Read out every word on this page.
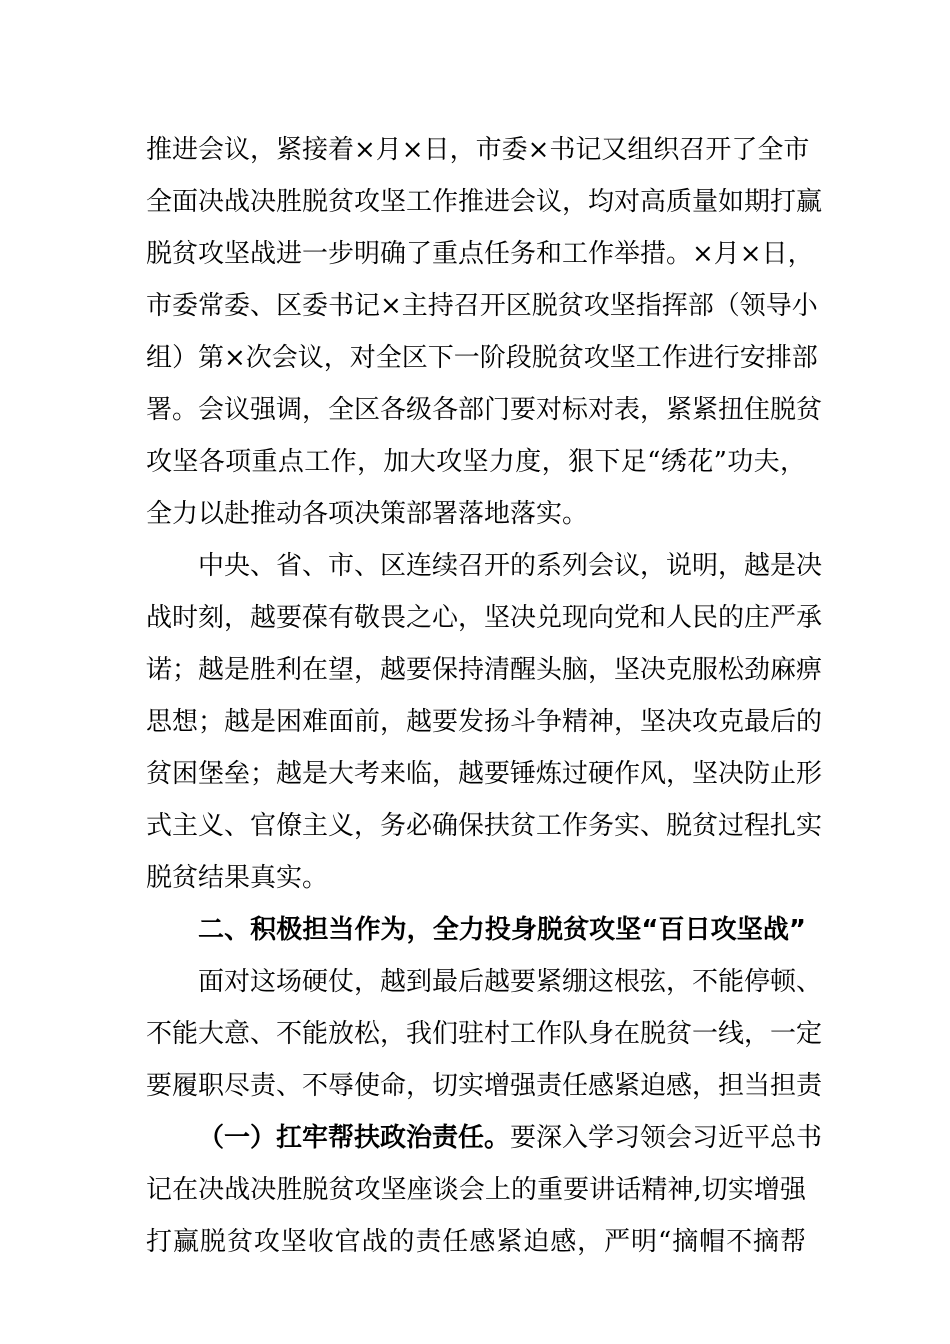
推进会议，紧接着×月×日，市委×书记又组织召开了全市
全面决战决胜脱贫攻坚工作推进会议，均对高质量如期打赢
脱贫攻坚战进一步明确了重点任务和工作举措。×月×日，
市委常委、区委书记×主持召开区脱贫攻坚指挥部（领导小
组）第×次会议，对全区下一阶段脱贫攻坚工作进行安排部
署。会议强调，全区各级各部门要对标对表，紧紧扭住脱贫
攻坚各项重点工作，加大攻坚力度，狠下足“绣花”功夫，
全力以赴推动各项决策部署落地落实。
中央、省、市、区连续召开的系列会议，说明，越是决
战时刻，越要葆有敬畏之心，坚决兑现向党和人民的庄严承
诺；越是胜利在望，越要保持清醒头脑，坚决克服松劲麻痹
思想；越是困难面前，越要发扬斗争精神，坚决攻克最后的
贫困堡垒；越是大考来临，越要锤炼过硬作风，坚决防止形
式主义、官僚主义，务必确保扶贫工作务实、脱贫过程扎实
脱贫结果真实。
二、积极担当作为，全力投身脱贫攻坚“百日攻坚战”
面对这场硬仗，越到最后越要紧绷这根弦，不能停顿、
不能大意、不能放松，我们驻村工作队身在脱贫一线，一定
要履职尽责、不辱使命，切实增强责任感紧迫感，担当担责
（一）扛牢帮扶政治责任。要深入学习领会习近平总书
记在决战决胜脱贫攻坚座谈会上的重要讲话精神,切实增强
打赢脱贫攻坚收官战的责任感紧迫感，严明“摘帽不摘帮
